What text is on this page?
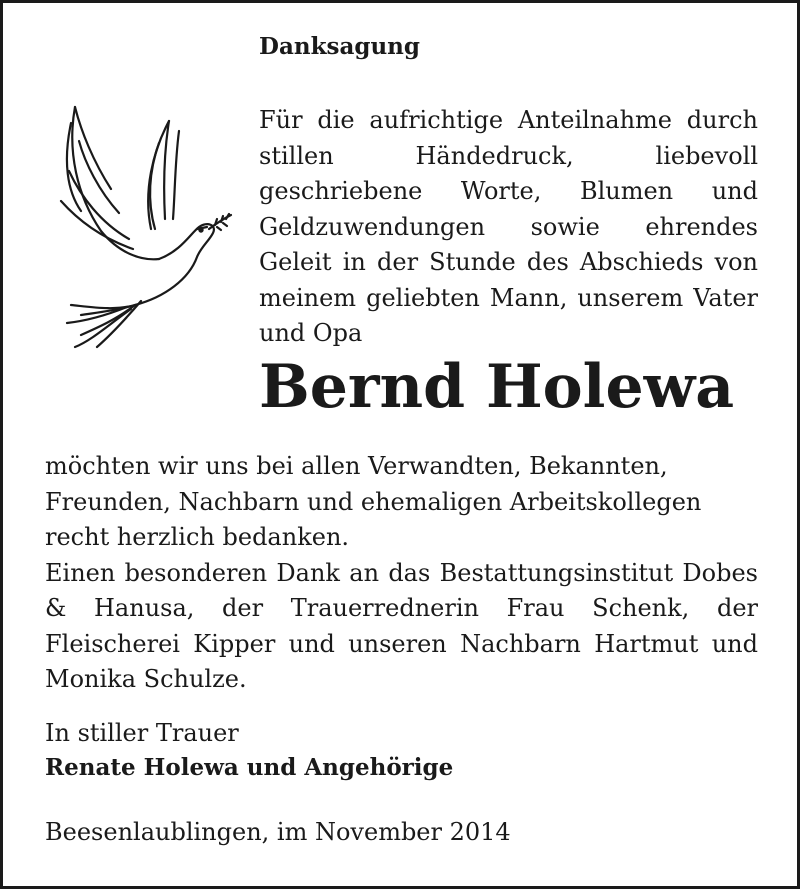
Danksagung

Für die aufrichtige Anteilnahme durch stillen Händedruck, liebevoll geschriebene Worte, Blumen und Geldzuwendungen sowie ehrendes Geleit in der Stunde des Abschieds von meinem geliebten Mann, unserem Vater und Opa

Bernd Holewa

möchten wir uns bei allen Verwandten, Bekannten, Freunden, Nachbarn und ehemaligen Arbeitskollegen recht herzlich bedanken.

Einen besonderen Dank an das Bestattungsinstitut Dobes & Hanusa, der Trauerrednerin Frau Schenk, der Fleischerei Kipper und unseren Nachbarn Hartmut und Monika Schulze.

In stiller Trauer
Renate Holewa und Angehörige
Beesenlaublingen, im November 2014
